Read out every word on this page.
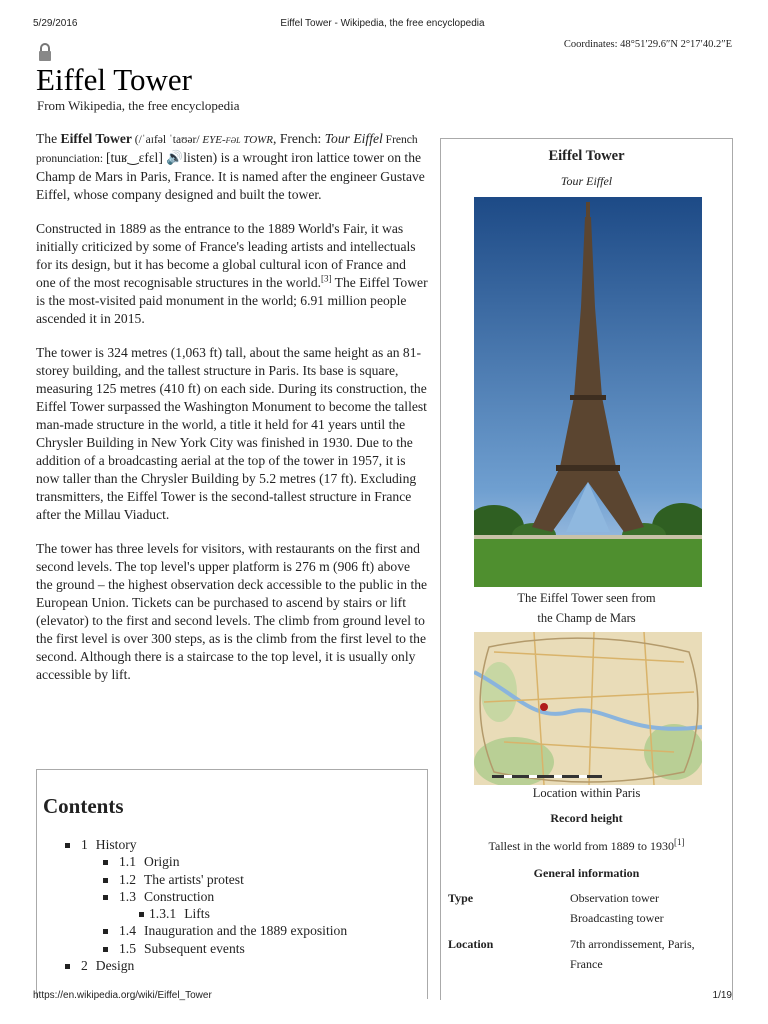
5/29/2016	Eiffel Tower - Wikipedia, the free encyclopedia
Coordinates: 48°51′29.6″N 2°17′40.2″E
Eiffel Tower
From Wikipedia, the free encyclopedia

The Eiffel Tower (/ˈaɪfəl ˈtaʊər/ EYE-fəl TOWR, French: Tour Eiffel French pronunciation: [tuʁ‿ɛfɛl] 🔊listen) is a wrought iron lattice tower on the Champ de Mars in Paris, France. It is named after the engineer Gustave Eiffel, whose company designed and built the tower.

Constructed in 1889 as the entrance to the 1889 World's Fair, it was initially criticized by some of France's leading artists and intellectuals for its design, but it has become a global cultural icon of France and one of the most recognisable structures in the world.[3] The Eiffel Tower is the most-visited paid monument in the world; 6.91 million people ascended it in 2015.

The tower is 324 metres (1,063 ft) tall, about the same height as an 81-storey building, and the tallest structure in Paris. Its base is square, measuring 125 metres (410 ft) on each side. During its construction, the Eiffel Tower surpassed the Washington Monument to become the tallest man-made structure in the world, a title it held for 41 years until the Chrysler Building in New York City was finished in 1930. Due to the addition of a broadcasting aerial at the top of the tower in 1957, it is now taller than the Chrysler Building by 5.2 metres (17 ft). Excluding transmitters, the Eiffel Tower is the second-tallest structure in France after the Millau Viaduct.

The tower has three levels for visitors, with restaurants on the first and second levels. The top level's upper platform is 276 m (906 ft) above the ground – the highest observation deck accessible to the public in the European Union. Tickets can be purchased to ascend by stairs or lift (elevator) to the first and second levels. The climb from ground level to the first level is over 300 steps, as is the climb from the first level to the second. Although there is a staircase to the top level, it is usually only accessible by lift.

Contents
1 History
1.1 Origin
1.2 The artists' protest
1.3 Construction
1.3.1 Lifts
1.4 Inauguration and the 1889 exposition
1.5 Subsequent events
2 Design
Eiffel Tower
Tour Eiffel
The Eiffel Tower seen from
the Champ de Mars
Location within Paris
Record height
Tallest in the world from 1889 to 1930[1]
General information
Type	Observation tower
Broadcasting tower
Location	7th arrondissement, Paris,
France
https://en.wikipedia.org/wiki/Eiffel_Tower	1/19
